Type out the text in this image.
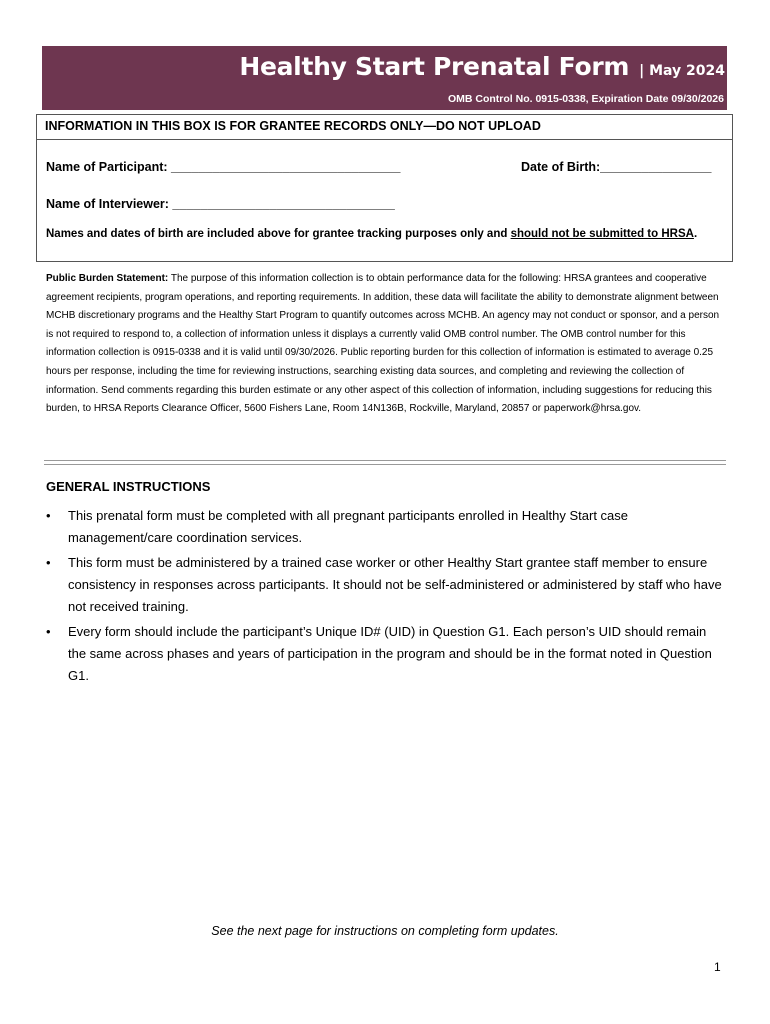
Healthy Start Prenatal Form | May 2024
OMB Control No. 0915-0338, Expiration Date 09/30/2026
INFORMATION IN THIS BOX IS FOR GRANTEE RECORDS ONLY—DO NOT UPLOAD
Name of Participant: _________________________________	Date of Birth:________________
Name of Interviewer: ________________________________
Names and dates of birth are included above for grantee tracking purposes only and should not be submitted to HRSA.
Public Burden Statement: The purpose of this information collection is to obtain performance data for the following: HRSA grantees and cooperative agreement recipients, program operations, and reporting requirements. In addition, these data will facilitate the ability to demonstrate alignment between MCHB discretionary programs and the Healthy Start Program to quantify outcomes across MCHB. An agency may not conduct or sponsor, and a person is not required to respond to, a collection of information unless it displays a currently valid OMB control number. The OMB control number for this information collection is 0915-0338 and it is valid until 09/30/2026. Public reporting burden for this collection of information is estimated to average 0.25 hours per response, including the time for reviewing instructions, searching existing data sources, and completing and reviewing the collection of information. Send comments regarding this burden estimate or any other aspect of this collection of information, including suggestions for reducing this burden, to HRSA Reports Clearance Officer, 5600 Fishers Lane, Room 14N136B, Rockville, Maryland, 20857 or paperwork@hrsa.gov.
GENERAL INSTRUCTIONS
• This prenatal form must be completed with all pregnant participants enrolled in Healthy Start case management/care coordination services.
• This form must be administered by a trained case worker or other Healthy Start grantee staff member to ensure consistency in responses across participants. It should not be self-administered or administered by staff who have not received training.
• Every form should include the participant’s Unique ID# (UID) in Question G1. Each person’s UID should remain the same across phases and years of participation in the program and should be in the format noted in Question G1.
See the next page for instructions on completing form updates.
1
